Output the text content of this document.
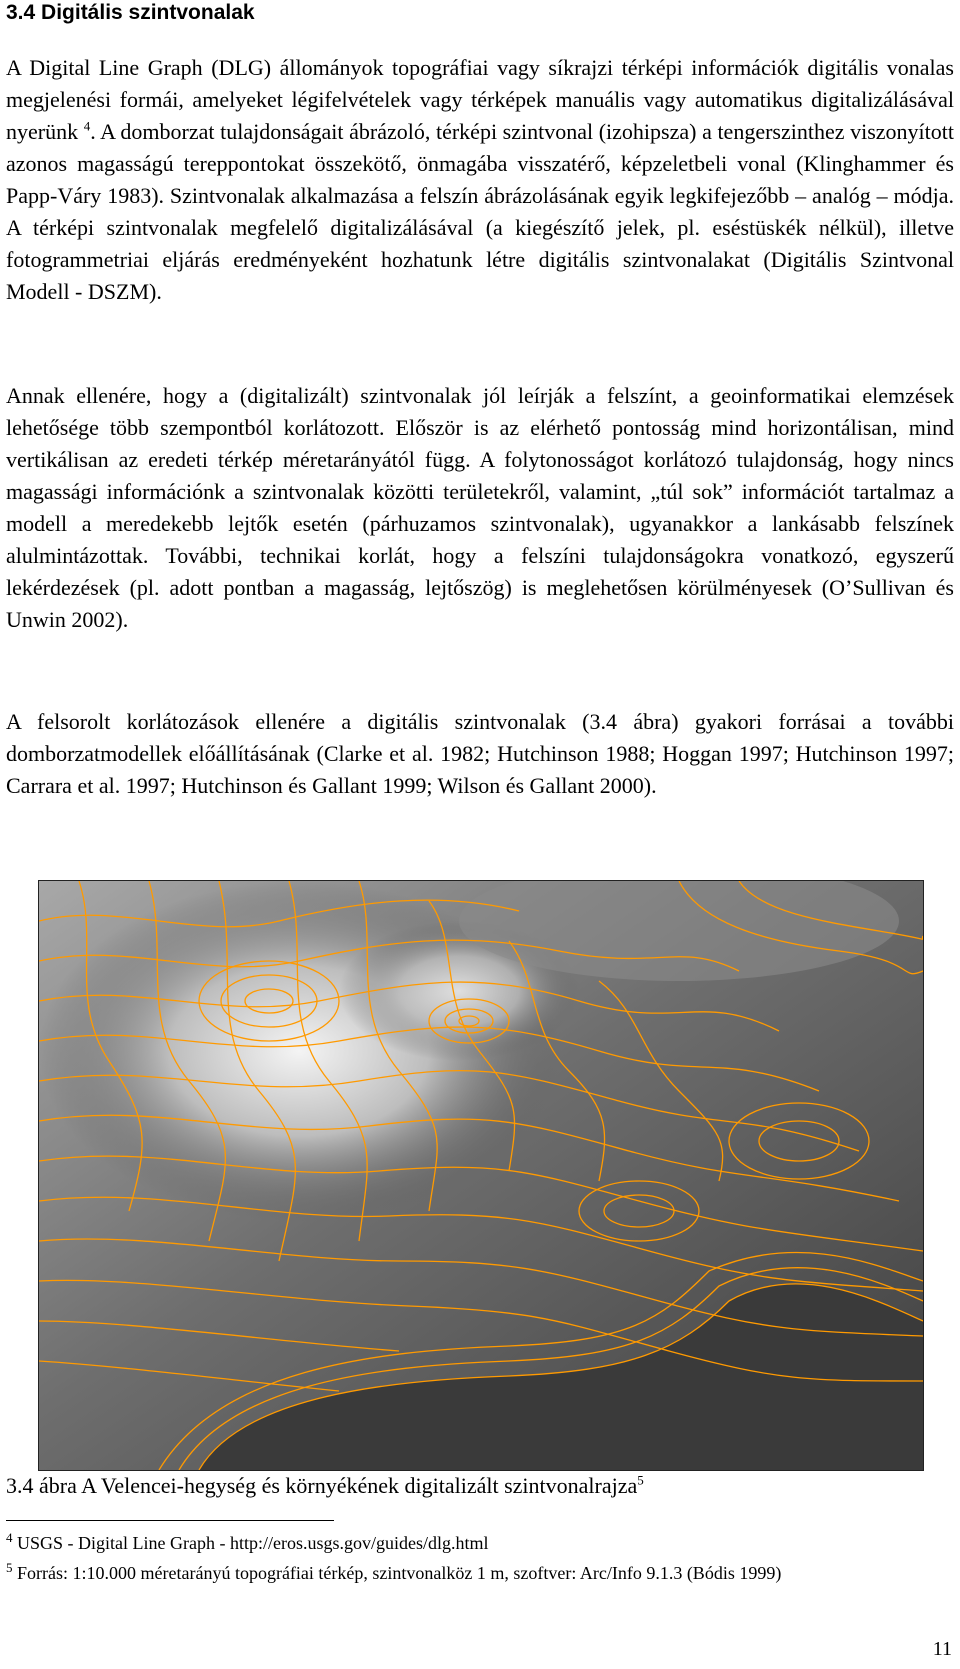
3.4 Digitális szintvonalak

A Digital Line Graph (DLG) állományok topográfiai vagy síkrajzi térképi információk digitális vonalas megjelenési formái, amelyeket légifelvételek vagy térképek manuális vagy automatikus digitalizálásával nyerünk $^4$. A domborzat tulajdonságait ábrázoló, térképi szintvonal (izohipsza) a tengerszinthez viszonyított azonos magasságú tereppontokat összekötő, önmagába visszatérő, képzeletbeli vonal (Klinghammer és Papp-Váry 1983). Szintvonalak alkalmazása a felszín ábrázolásának egyik legkifejezőbb – analóg – módja. A térképi szintvonalak megfelelő digitalizálásával (a kiegészítő jelek, pl. eséstüskék nélkül), illetve fotogrammetriai eljárás eredményeként hozhatunk létre digitális szintvonalakat (Digitális Szintvonal Modell - DSZM).

Annak ellenére, hogy a (digitalizált) szintvonalak jól leírják a felszínt, a geoinformatikai elemzések lehetősége több szempontból korlátozott. Először is az elérhető pontosság mind horizontálisan, mind vertikálisan az eredeti térkép méretarányától függ. A folytonosságot korlátozó tulajdonság, hogy nincs magassági információnk a szintvonalak közötti területekről, valamint, „túl sok” információt tartalmaz a modell a meredekebb lejtők esetén (párhuzamos szintvonalak), ugyanakkor a lankásabb felszínek alulmintázottak. További, technikai korlát, hogy a felszíni tulajdonságokra vonatkozó, egyszerű lekérdezések (pl. adott pontban a magasság, lejtőszög) is meglehetősen körülményesek (O’Sullivan és Unwin 2002).

A felsorolt korlátozások ellenére a digitális szintvonalak (3.4 ábra) gyakori forrásai a további domborzatmodellek előállításának (Clarke et al. 1982; Hutchinson 1988; Hoggan 1997; Hutchinson 1997; Carrara et al. 1997; Hutchinson és Gallant 1999; Wilson és Gallant 2000).

3.4 ábra A Velencei-hegység és környékének digitalizált szintvonalrajza$^5$
$^4$ USGS - Digital Line Graph - http://eros.usgs.gov/guides/dlg.html
$^5$ Forrás: 1:10.000 méretarányú topográfiai térkép, szintvonalköz 1 m, szoftver: Arc/Info 9.1.3 (Bódis 1999)
11
